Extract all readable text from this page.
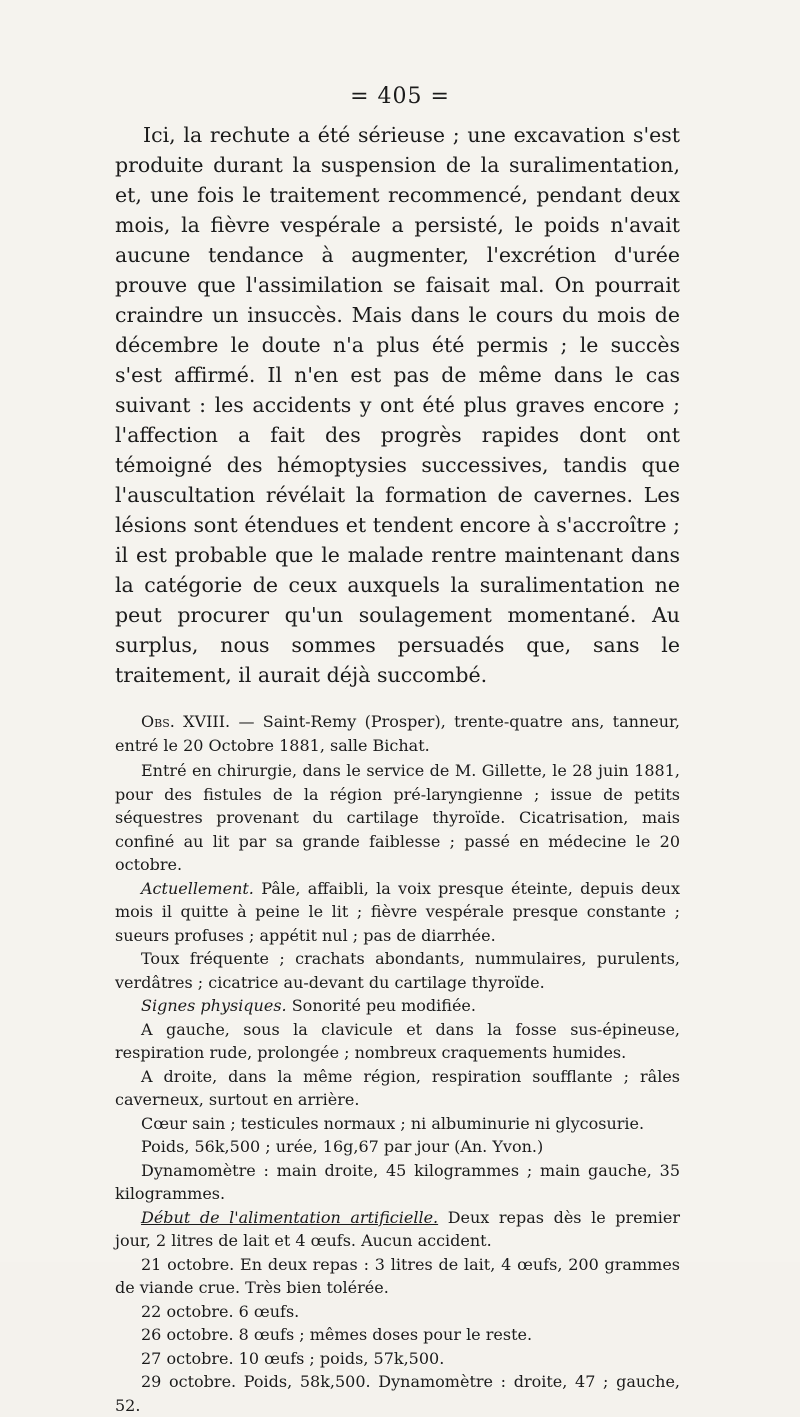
= 405 =

Ici, la rechute a été sérieuse ; une excavation s'est produite durant la suspension de la suralimentation, et, une fois le traitement recommencé, pendant deux mois, la fièvre vespérale a persisté, le poids n'avait aucune tendance à augmenter, l'excrétion d'urée prouve que l'assimilation se faisait mal. On pourrait craindre un insuccès. Mais dans le cours du mois de décembre le doute n'a plus été permis ; le succès s'est affirmé. Il n'en est pas de même dans le cas suivant : les accidents y ont été plus graves encore ; l'affection a fait des progrès rapides dont ont témoigné des hémoptysies successives, tandis que l'auscultation révélait la formation de cavernes. Les lésions sont étendues et tendent encore à s'accroître ; il est probable que le malade rentre maintenant dans la catégorie de ceux auxquels la suralimentation ne peut procurer qu'un soulagement momentané. Au surplus, nous sommes persuadés que, sans le traitement, il aurait déjà succombé.

Obs. XVIII. — Saint-Remy (Prosper), trente-quatre ans, tanneur, entré le 20 Octobre 1881, salle Bichat.

Entré en chirurgie, dans le service de M. Gillette, le 28 juin 1881, pour des fistules de la région pré-laryngienne ; issue de petits séquestres provenant du cartilage thyroïde. Cicatrisation, mais confiné au lit par sa grande faiblesse ; passé en médecine le 20 octobre.

Actuellement. Pâle, affaibli, la voix presque éteinte, depuis deux mois il quitte à peine le lit ; fièvre vespérale presque constante ; sueurs profuses ; appétit nul ; pas de diarrhée.

Toux fréquente ; crachats abondants, nummulaires, purulents, verdâtres ; cicatrice au-devant du cartilage thyroïde.

Signes physiques. Sonorité peu modifiée.

A gauche, sous la clavicule et dans la fosse sus-épineuse, respiration rude, prolongée ; nombreux craquements humides.

A droite, dans la même région, respiration soufflante ; râles caverneux, surtout en arrière.

Cœur sain ; testicules normaux ; ni albuminurie ni glycosurie.

Poids, 56k,500 ; urée, 16g,67 par jour (An. Yvon.)

Dynamomètre : main droite, 45 kilogrammes ; main gauche, 35 kilogrammes.

Début de l'alimentation artificielle. Deux repas dès le premier jour, 2 litres de lait et 4 œufs. Aucun accident.

21 octobre. En deux repas : 3 litres de lait, 4 œufs, 200 grammes de viande crue. Très bien tolérée.

22 octobre. 6 œufs.

26 octobre. 8 œufs ; mêmes doses pour le reste.

27 octobre. 10 œufs ; poids, 57k,500.

29 octobre. Poids, 58k,500. Dynamomètre : droite, 47 ; gauche, 52.
